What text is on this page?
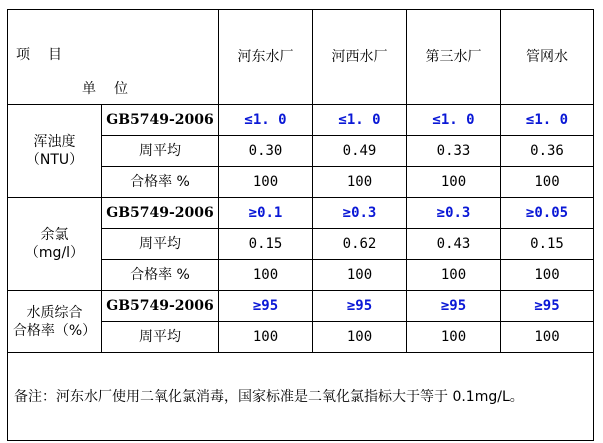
项　目
单　位		河东水厂	河西水厂	第三水厂	管网水
浑浊度
（NTU）	GB5749-2006	≤1. 0	≤1. 0	≤1. 0	≤1. 0
	周平均	0.30	0.49	0.33	0.36
	合格率 %	100	100	100	100
余氯
（mg/l）	GB5749-2006	≥0.1	≥0.3	≥0.3	≥0.05
	周平均	0.15	0.62	0.43	0.15
	合格率 %	100	100	100	100
水质综合
合格率（%）	GB5749-2006	≥95	≥95	≥95	≥95
	周平均	100	100	100	100
备注：河东水厂使用二氧化氯消毒，国家标准是二氧化氯指标大于等于 0.1mg/L。					
